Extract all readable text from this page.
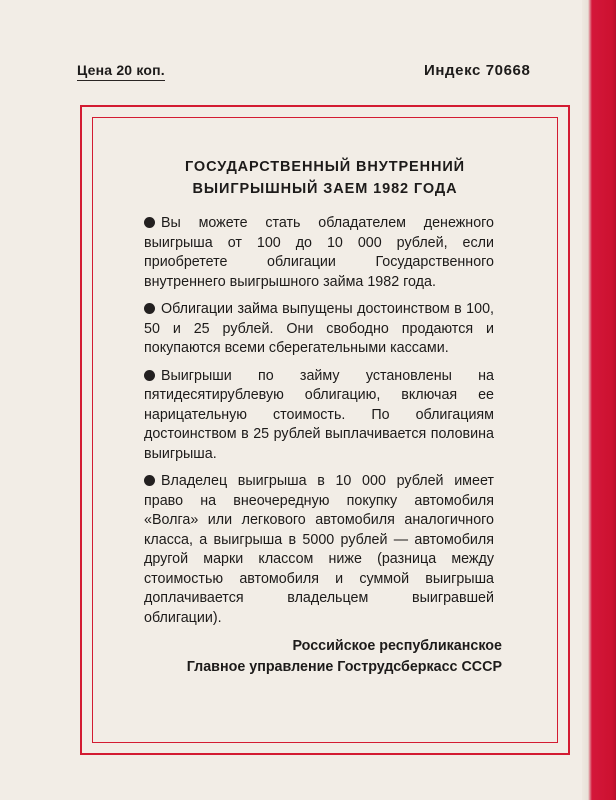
Цена 20 коп.	Индекс 70668
ГОСУДАРСТВЕННЫЙ ВНУТРЕННИЙ
ВЫИГРЫШНЫЙ ЗАЕМ 1982 ГОДА

Вы можете стать обладателем денежного выигрыша от 100 до 10 000 рублей, если приобретете облигации Государственного внутреннего выигрышного займа 1982 года.

Облигации займа выпущены достоинством в 100, 50 и 25 рублей. Они свободно продаются и покупаются всеми сберегательными кассами.

Выигрыши по займу установлены на пятидесятирублевую облигацию, включая ее нарицательную стоимость. По облигациям достоинством в 25 рублей выплачивается половина выигрыша.

Владелец выигрыша в 10 000 рублей имеет право на внеочередную покупку автомобиля «Волга» или легкового автомобиля аналогичного класса, а выигрыша в 5000 рублей — автомобиля другой марки классом ниже (разница между стоимостью автомобиля и суммой выигрыша доплачивается владельцем выигравшей облигации).

Российское республиканское
Главное управление Гострудсберкасс СССР
